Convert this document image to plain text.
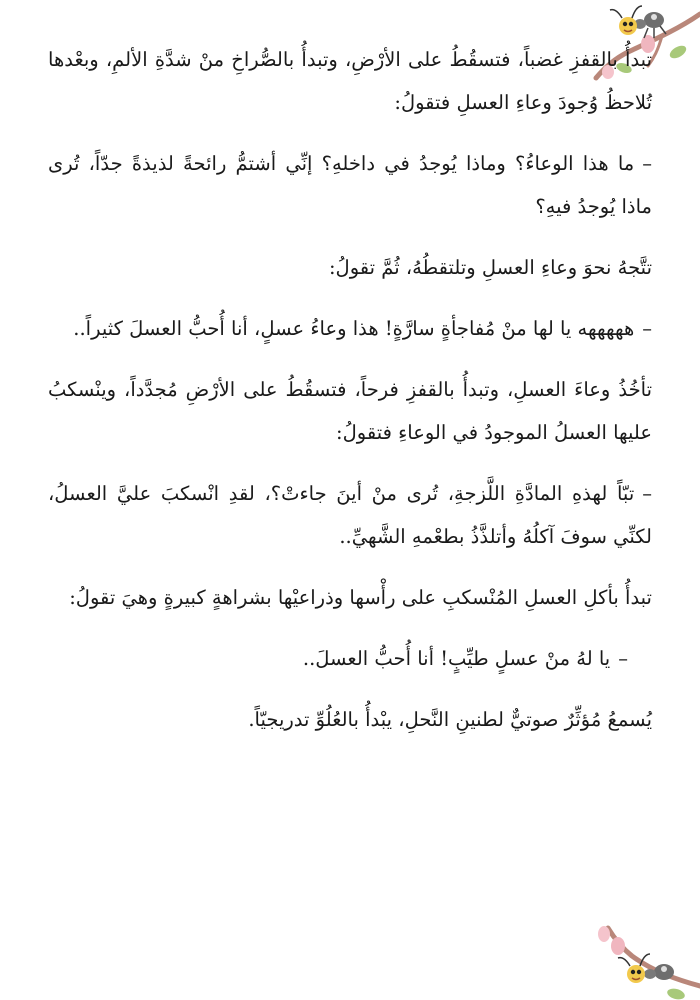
تبدأُ بالقفزِ غضباً، فتسقُطُ على الأرْضِ، وتبدأُ بالصُّراخِ منْ شدَّةِ الألمِ، وبعْدها تُلاحظُ وُجودَ وعاءِ العسلِ فتقولُ:

–ما هذا الوعاءُ؟ وماذا يُوجدُ في داخلهِ؟ إنِّي أشتمُّ رائحةً لذيذةً جدّاً، تُرى ماذا يُوجدُ فيهِ؟

تتَّجهُ نحوَ وعاءِ العسلِ وتلتقطُهُ، ثُمَّ تقولُ:

–هههههه يا لها منْ مُفاجأةٍ سارَّةٍ! هذا وعاءُ عسلٍ، أنا أُحبُّ العسلَ كثيراً..

تأخُذُ وعاءَ العسلِ، وتبدأُ بالقفزِ فرحاً، فتسقُطُ على الأرْضِ مُجدَّداً، وينْسكبُ عليها العسلُ الموجودُ في الوعاءِ فتقولُ:

–تبّاً لهذهِ المادَّةِ اللَّزجةِ، تُرى منْ أينَ جاءتْ؟، لقدِ انْسكبَ عليَّ العسلُ، لكنِّي سوفَ آكلُهُ وأتلذَّذُ بطعْمهِ الشَّهيِّ..

تبدأُ بأكلِ العسلِ المُنْسكبِ على رأْسها وذراعيْها بشراهةٍ كبيرةٍ وهيَ تقولُ:

–يا لهُ منْ عسلٍ طيِّبٍ! أنا أُحبُّ العسلَ..

يُسمعُ مُؤثِّرٌ صوتيٌّ لطنينِ النَّحلِ، يبْدأُ بالعُلُوِّ تدريجيّاً.
